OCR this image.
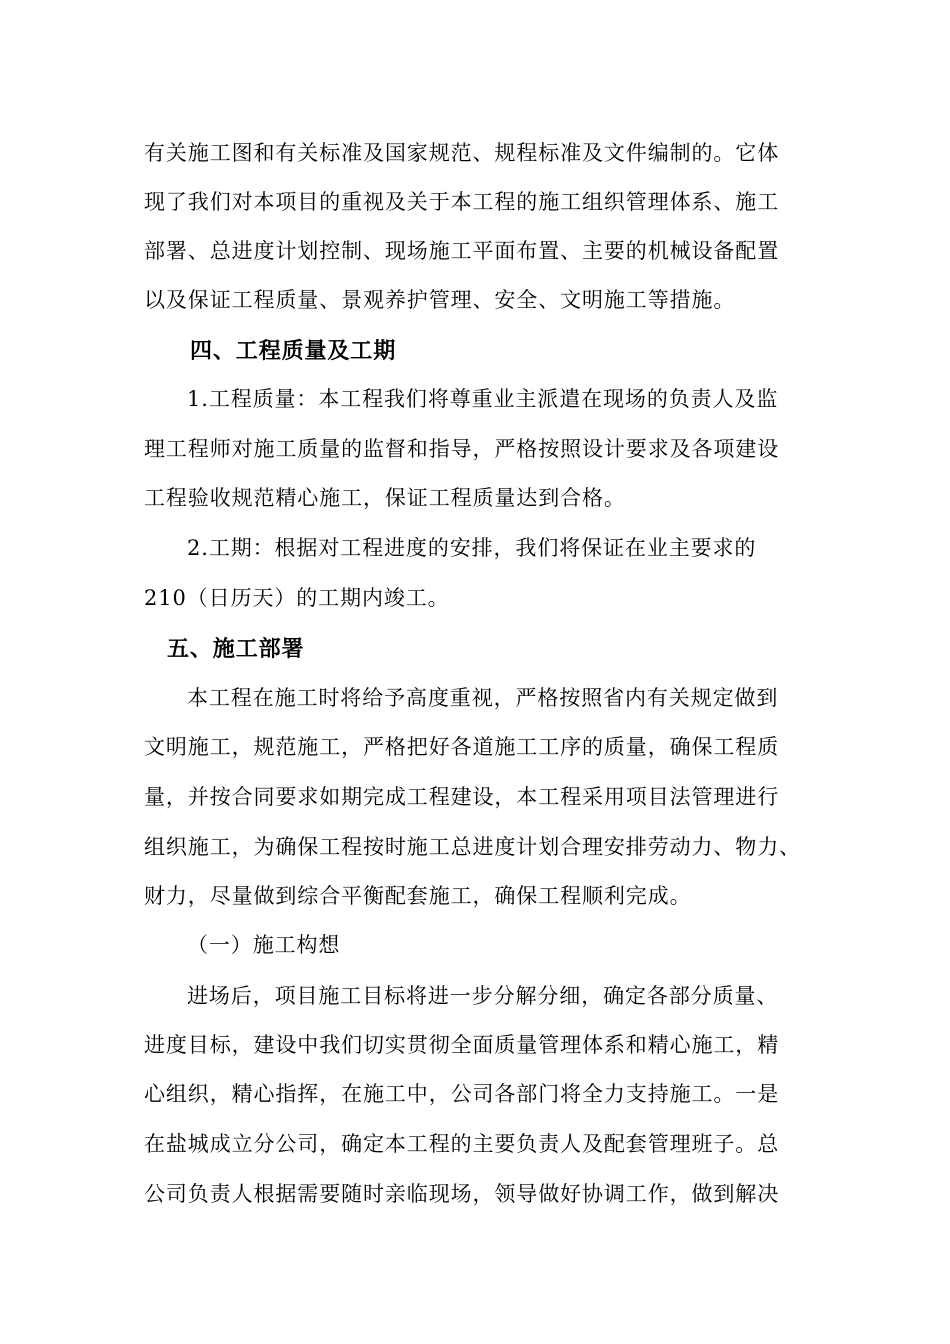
有关施工图和有关标准及国家规范、规程标准及文件编制的。它体
现了我们对本项目的重视及关于本工程的施工组织管理体系、施工
部署、总进度计划控制、现场施工平面布置、主要的机械设备配置
以及保证工程质量、景观养护管理、安全、文明施工等措施。
四、工程质量及工期
1.工程质量：本工程我们将尊重业主派遣在现场的负责人及监
理工程师对施工质量的监督和指导，严格按照设计要求及各项建设
工程验收规范精心施工，保证工程质量达到合格。
2.工期：根据对工程进度的安排，我们将保证在业主要求的
210（日历天）的工期内竣工。
五、施工部署
本工程在施工时将给予高度重视，严格按照省内有关规定做到
文明施工，规范施工，严格把好各道施工工序的质量，确保工程质
量，并按合同要求如期完成工程建设，本工程采用项目法管理进行
组织施工，为确保工程按时施工总进度计划合理安排劳动力、物力、
财力，尽量做到综合平衡配套施工，确保工程顺利完成。
（一）施工构想
进场后，项目施工目标将进一步分解分细，确定各部分质量、
进度目标，建设中我们切实贯彻全面质量管理体系和精心施工，精
心组织，精心指挥，在施工中，公司各部门将全力支持施工。一是
在盐城成立分公司，确定本工程的主要负责人及配套管理班子。总
公司负责人根据需要随时亲临现场，领导做好协调工作，做到解决
